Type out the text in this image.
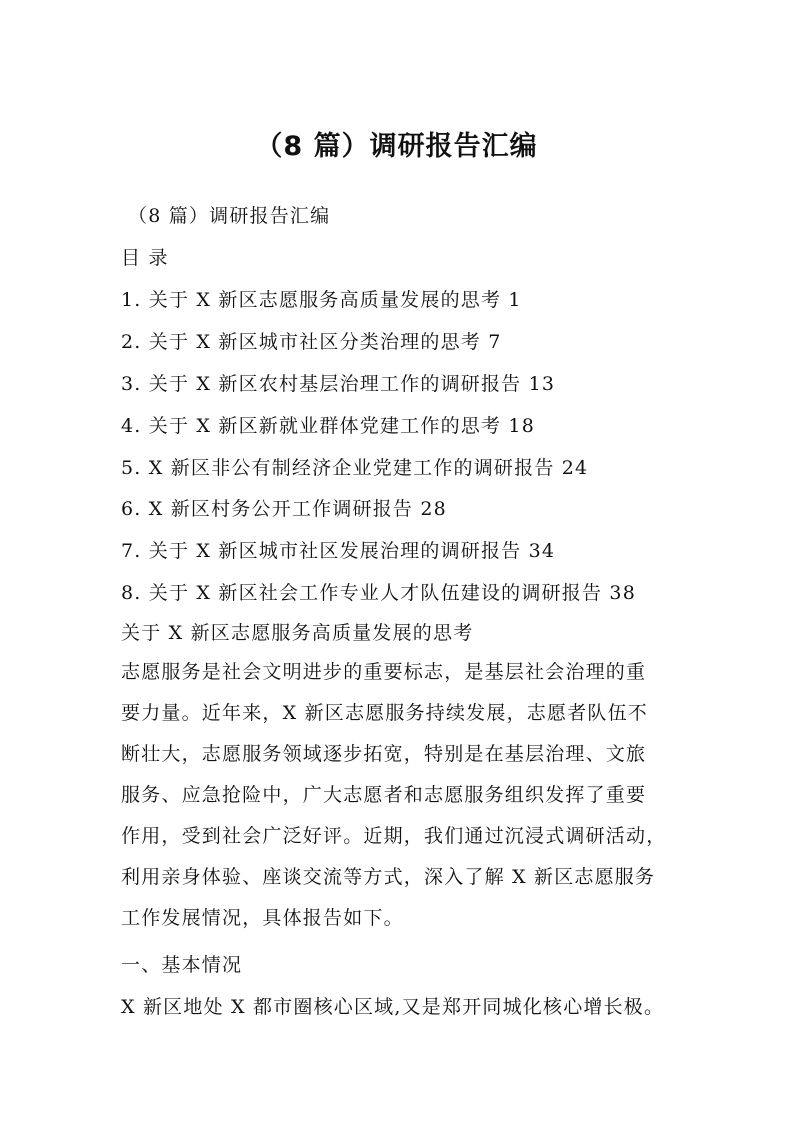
（8 篇）调研报告汇编

（8 篇）调研报告汇编

目 录

1. 关于 X 新区志愿服务高质量发展的思考 1

2. 关于 X 新区城市社区分类治理的思考 7

3. 关于 X 新区农村基层治理工作的调研报告 13

4. 关于 X 新区新就业群体党建工作的思考 18

5. X 新区非公有制经济企业党建工作的调研报告 24

6. X 新区村务公开工作调研报告 28

7. 关于 X 新区城市社区发展治理的调研报告 34

8. 关于 X 新区社会工作专业人才队伍建设的调研报告 38

关于 X 新区志愿服务高质量发展的思考

志愿服务是社会文明进步的重要标志，是基层社会治理的重
要力量。近年来，X 新区志愿服务持续发展，志愿者队伍不
断壮大，志愿服务领域逐步拓宽，特别是在基层治理、文旅
服务、应急抢险中，广大志愿者和志愿服务组织发挥了重要
作用，受到社会广泛好评。近期，我们通过沉浸式调研活动，
利用亲身体验、座谈交流等方式，深入了解 X 新区志愿服务
工作发展情况，具体报告如下。

一、基本情况

X 新区地处 X 都市圈核心区域,又是郑开同城化核心增长极。
